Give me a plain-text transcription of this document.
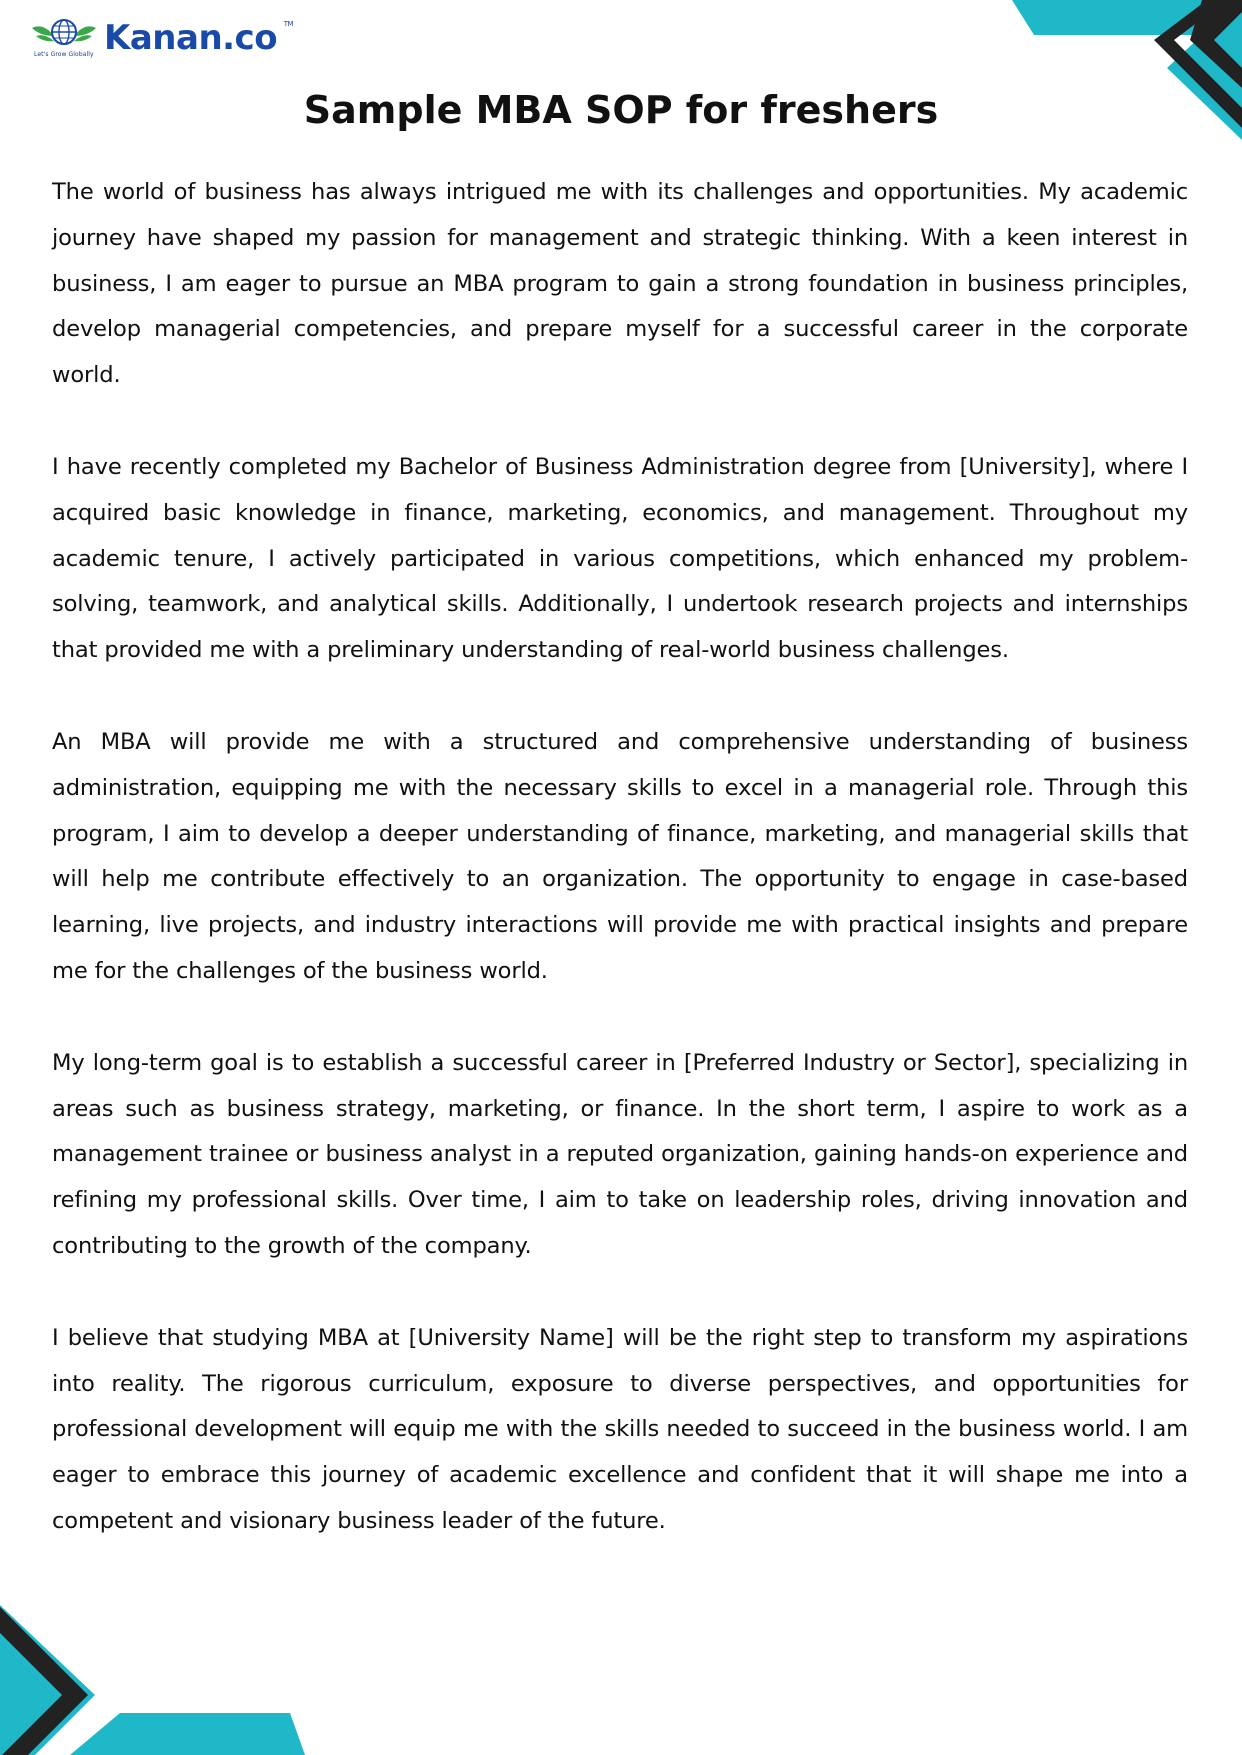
Let's Grow Globally Kanan.co TM
Sample MBA SOP for freshers

The world of business has always intrigued me with its challenges and opportunities. My academic journey have shaped my passion for management and strategic thinking. With a keen interest in business, I am eager to pursue an MBA program to gain a strong foundation in business principles, develop managerial competencies, and prepare myself for a successful career in the corporate world.

I have recently completed my Bachelor of Business Administration degree from [University], where I acquired basic knowledge in finance, marketing, economics, and management. Throughout my academic tenure, I actively participated in various competitions, which enhanced my problem-solving, teamwork, and analytical skills. Additionally, I undertook research projects and internships that provided me with a preliminary understanding of real-world business challenges.

An MBA will provide me with a structured and comprehensive understanding of business administration, equipping me with the necessary skills to excel in a managerial role. Through this program, I aim to develop a deeper understanding of finance, marketing, and managerial skills that will help me contribute effectively to an organization. The opportunity to engage in case-based learning, live projects, and industry interactions will provide me with practical insights and prepare me for the challenges of the business world.

My long-term goal is to establish a successful career in [Preferred Industry or Sector], specializing in areas such as business strategy, marketing, or finance. In the short term, I aspire to work as a management trainee or business analyst in a reputed organization, gaining hands-on experience and refining my professional skills. Over time, I aim to take on leadership roles, driving innovation and contributing to the growth of the company.

I believe that studying MBA at [University Name] will be the right step to transform my aspirations into reality. The rigorous curriculum, exposure to diverse perspectives, and opportunities for professional development will equip me with the skills needed to succeed in the business world. I am eager to embrace this journey of academic excellence and confident that it will shape me into a competent and visionary business leader of the future.
